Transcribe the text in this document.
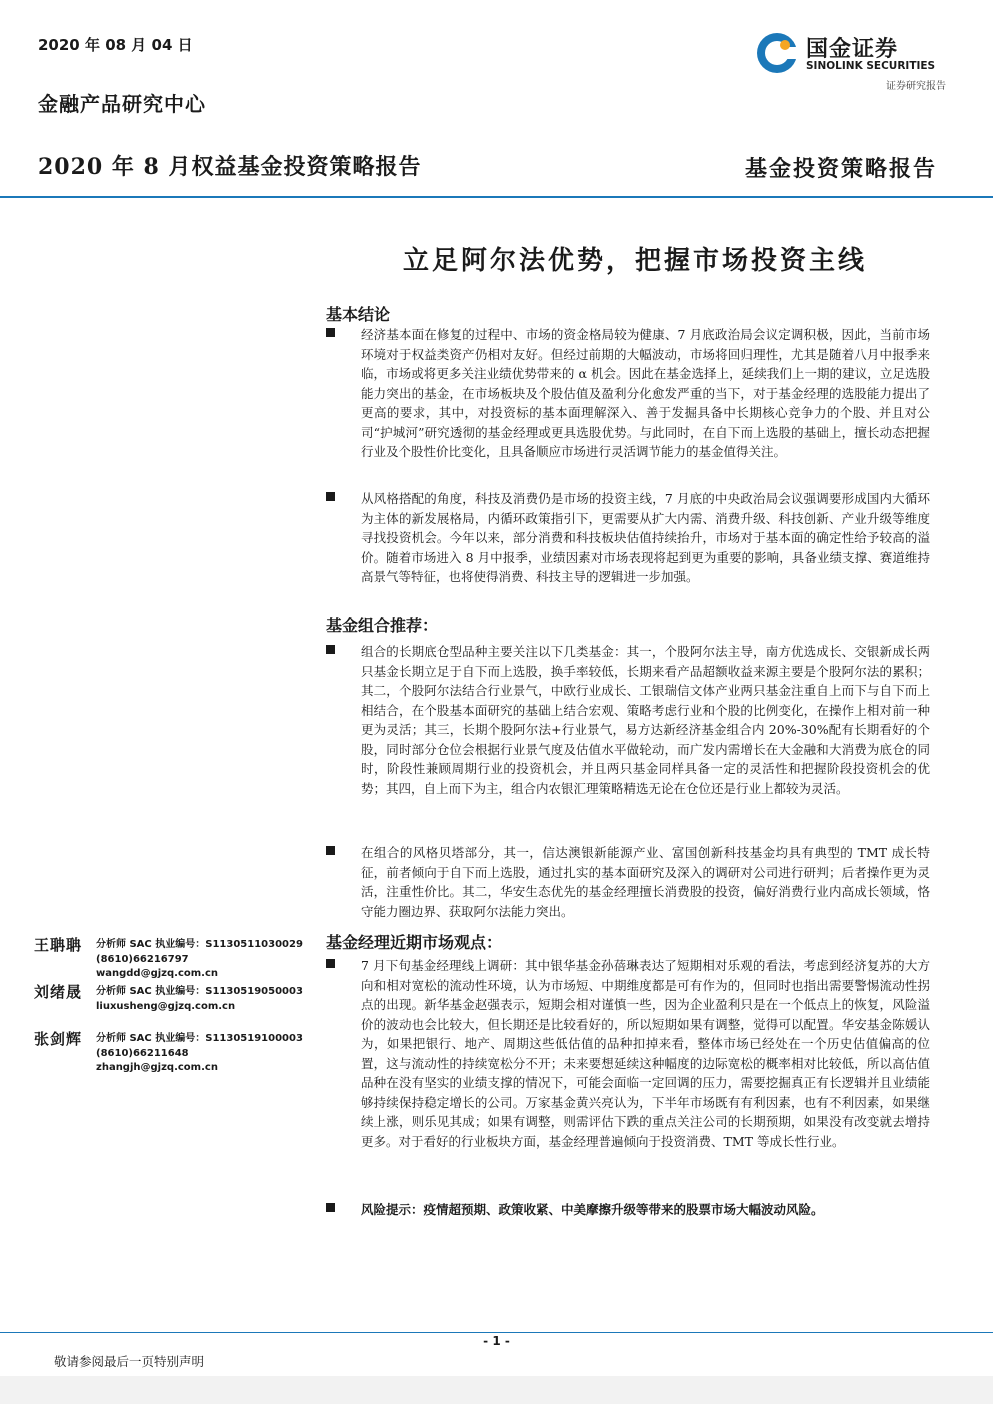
2020 年 08 月 04 日
金融产品研究中心
2020 年 8 月权益基金投资策略报告	基金投资策略报告
国金证券
SINOLINK SECURITIES
证券研究报告
立足阿尔法优势，把握市场投资主线
基本结论
经济基本面在修复的过程中、市场的资金格局较为健康、7 月底政治局会议定调积极，因此，当前市场环境对于权益类资产仍相对友好。但经过前期的大幅波动，市场将回归理性，尤其是随着八月中报季来临，市场或将更多关注业绩优势带来的 α 机会。因此在基金选择上，延续我们上一期的建议，立足选股能力突出的基金，在市场板块及个股估值及盈利分化愈发严重的当下，对于基金经理的选股能力提出了更高的要求，其中，对投资标的基本面理解深入、善于发掘具备中长期核心竞争力的个股、并且对公司“护城河”研究透彻的基金经理或更具选股优势。与此同时，在自下而上选股的基础上，擅长动态把握行业及个股性价比变化，且具备顺应市场进行灵活调节能力的基金值得关注。
从风格搭配的角度，科技及消费仍是市场的投资主线，7 月底的中央政治局会议强调要形成国内大循环为主体的新发展格局，内循环政策指引下，更需要从扩大内需、消费升级、科技创新、产业升级等维度寻找投资机会。今年以来，部分消费和科技板块估值持续抬升，市场对于基本面的确定性给予较高的溢价。随着市场进入 8 月中报季，业绩因素对市场表现将起到更为重要的影响，具备业绩支撑、赛道维持高景气等特征，也将使得消费、科技主导的逻辑进一步加强。
基金组合推荐：
组合的长期底仓型品种主要关注以下几类基金：其一，个股阿尔法主导，南方优选成长、交银新成长两只基金长期立足于自下而上选股，换手率较低，长期来看产品超额收益来源主要是个股阿尔法的累积；其二，个股阿尔法结合行业景气，中欧行业成长、工银瑞信文体产业两只基金注重自上而下与自下而上相结合，在个股基本面研究的基础上结合宏观、策略考虑行业和个股的比例变化，在操作上相对前一种更为灵活；其三，长期个股阿尔法+行业景气，易方达新经济基金组合内 20%-30%配有长期看好的个股，同时部分仓位会根据行业景气度及估值水平做轮动，而广发内需增长在大金融和大消费为底仓的同时，阶段性兼顾周期行业的投资机会，并且两只基金同样具备一定的灵活性和把握阶段投资机会的优势；其四，自上而下为主，组合内农银汇理策略精选无论在仓位还是行业上都较为灵活。
在组合的风格贝塔部分，其一，信达澳银新能源产业、富国创新科技基金均具有典型的 TMT 成长特征，前者倾向于自下而上选股，通过扎实的基本面研究及深入的调研对公司进行研判；后者操作更为灵活，注重性价比。其二，华安生态优先的基金经理擅长消费股的投资，偏好消费行业内高成长领域，恪守能力圈边界、获取阿尔法能力突出。
基金经理近期市场观点：
7 月下旬基金经理线上调研：其中银华基金孙蓓琳表达了短期相对乐观的看法，考虑到经济复苏的大方向和相对宽松的流动性环境，认为市场短、中期维度都是可有作为的，但同时也指出需要警惕流动性拐点的出现。新华基金赵强表示，短期会相对谨慎一些，因为企业盈利只是在一个低点上的恢复，风险溢价的波动也会比较大，但长期还是比较看好的，所以短期如果有调整，觉得可以配置。华安基金陈媛认为，如果把银行、地产、周期这些低估值的品种扣掉来看，整体市场已经处在一个历史估值偏高的位置，这与流动性的持续宽松分不开；未来要想延续这种幅度的边际宽松的概率相对比较低，所以高估值品种在没有坚实的业绩支撑的情况下，可能会面临一定回调的压力，需要挖掘真正有长逻辑并且业绩能够持续保持稳定增长的公司。万家基金黄兴亮认为，下半年市场既有有利因素，也有不利因素，如果继续上涨，则乐见其成；如果有调整，则需评估下跌的重点关注公司的长期预期，如果没有改变就去增持更多。对于看好的行业板块方面，基金经理普遍倾向于投资消费、TMT 等成长性行业。
风险提示：疫情超预期、政策收紧、中美摩擦升级等带来的股票市场大幅波动风险。
王聃聃 分析师 SAC 执业编号：S1130511030029
(8610)66216797
wangdd@gjzq.com.cn
刘绪晟 分析师 SAC 执业编号：S1130519050003
liuxusheng@gjzq.com.cn
张剑辉 分析师 SAC 执业编号：S1130519100003
(8610)66211648
zhangjh@gjzq.com.cn
- 1 -
敬请参阅最后一页特别声明
